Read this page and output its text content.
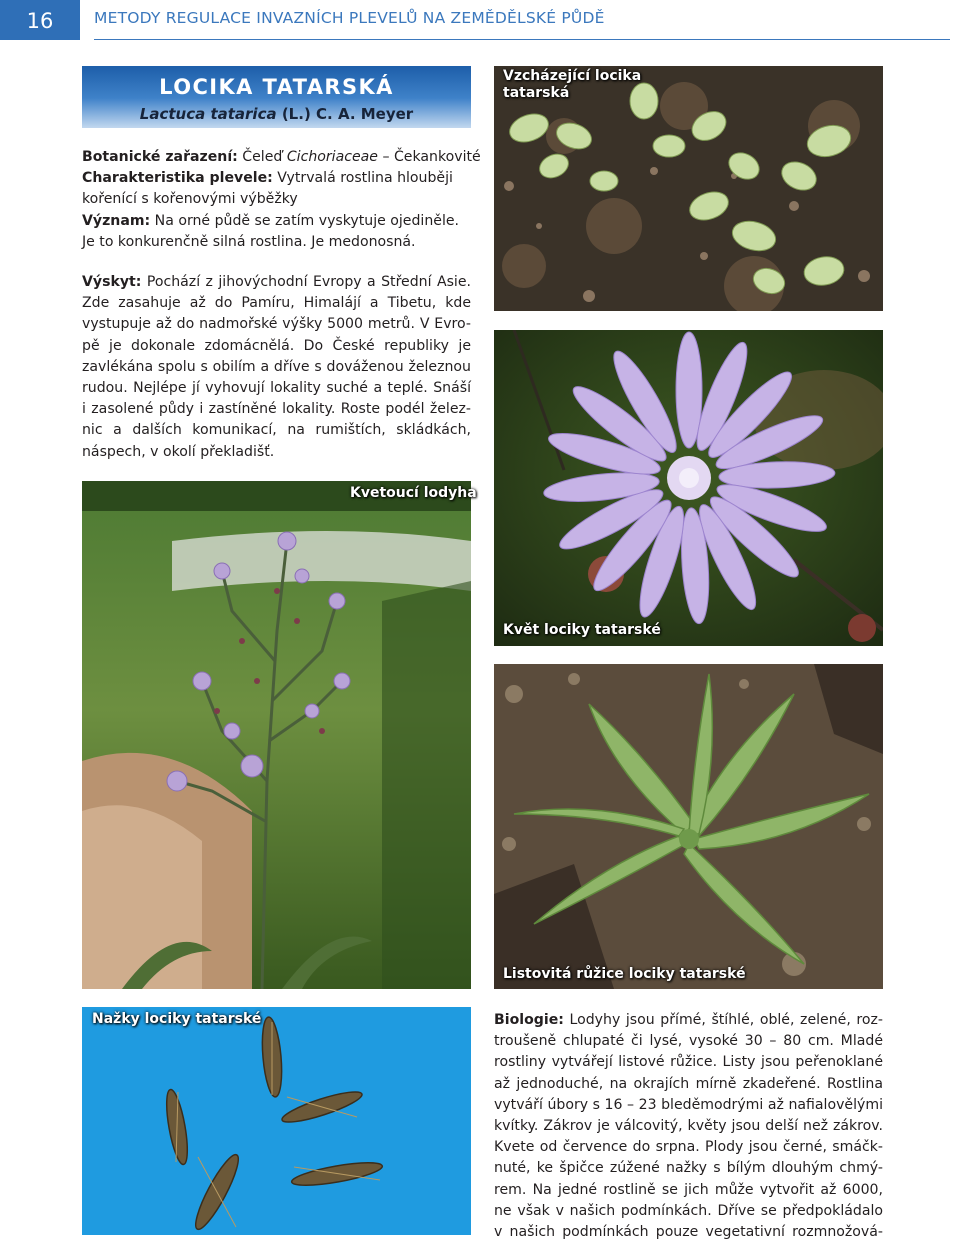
16	METODY REGULACE INVAZNÍCH PLEVELŮ NA ZEMĚDĚLSKÉ PŮDĚ
LOCIKA TATARSKÁ
Lactuca tatarica (L.) C. A. Meyer
Botanické zařazení: Čeleď Cichoriaceae – Čekankovité
Charakteristika plevele: Vytrvalá rostlina hlouběji
kořenící s kořenovými výběžky
Význam: Na orné půdě se zatím vyskytuje ojediněle.
Je to konkurenčně silná rostlina. Je medonosná.
Výskyt: Pochází z jihovýchodní Evropy a Střední Asie.
Zde zasahuje až do Pamíru, Himalájí a Tibetu, kde
vystupuje až do nadmořské výšky 5000 metrů. V Evro-
pě je dokonale zdomácnělá. Do České republiky je
zavlékána spolu s obilím a dříve s dováženou železnou
rudou. Nejlépe jí vyhovují lokality suché a teplé. Snáší
i zasolené půdy i zastíněné lokality. Roste podél želez-
nic a dalších komunikací, na rumištích, skládkách,
náspech, v okolí překladišť.
Vzcházející locika
tatarská
Květ lociky tatarské
Kvetoucí lodyha
Listovitá růžice lociky tatarské
Nažky lociky tatarské	Biologie: Lodyhy jsou přímé, štíhlé, oblé, zelené, roz-
troušeně chlupaté či lysé, vysoké 30 – 80 cm. Mladé
rostliny vytvářejí listové růžice. Listy jsou peřenoklané
až jednoduché, na okrajích mírně zkadeřené. Rostlina
vytváří úbory s 16 – 23 bleděmodrými až nafialovělými
kvítky. Zákrov je válcovitý, květy jsou delší než zákrov.
Kvete od července do srpna. Plody jsou černé, smáčk-
nuté, ke špičce zúžené nažky s bílým dlouhým chmý-
rem. Na jedné rostlině se jich může vytvořit až 6000,
ne však v našich podmínkách. Dříve se předpokládalo
v našich podmínkách pouze vegetativní rozmnožová-
